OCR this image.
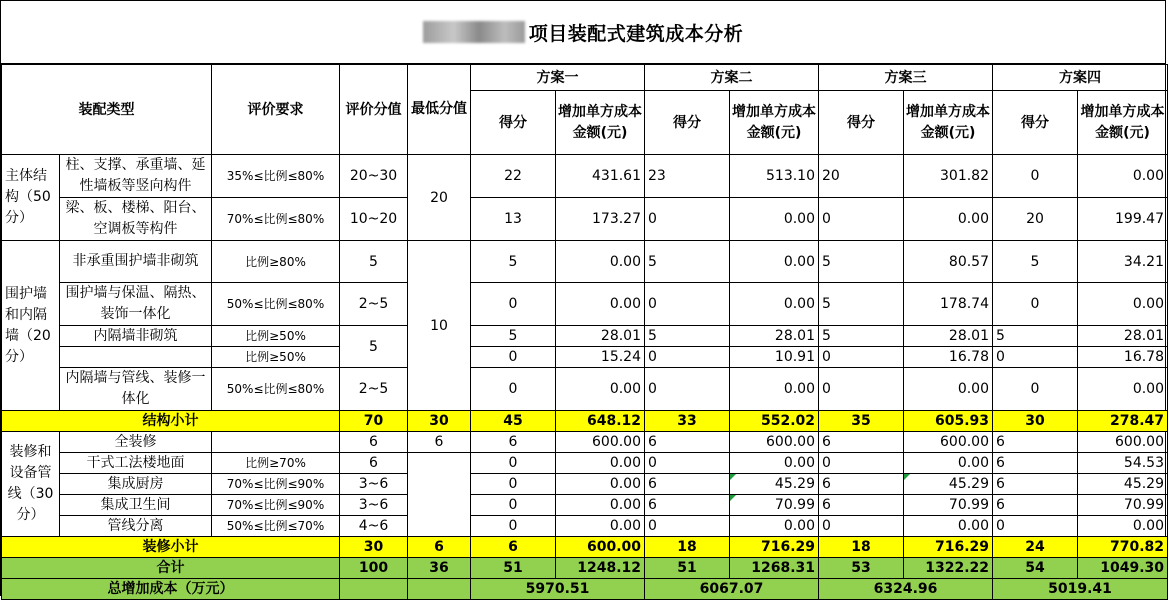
项目装配式建筑成本分析
装配类型		评价要求	评价分值	最低分值	方案一		方案二		方案三		方案四	
					得分	增加单方成本金额(元)	得分	增加单方成本金额(元)	得分	增加单方成本金额(元)	得分	增加单方成本金额(元)
主体结构（50分）	柱、支撑、承重墙、延性墙板等竖向构件	35%≤比例≤80%	20~30	20	22	431.61	23	513.10	20	301.82	0	0.00
	梁、板、楼梯、阳台、空调板等构件	70%≤比例≤80%	10~20		13	173.27	0	0.00	0	0.00	20	199.47
围护墙和内隔墙（20分）	非承重围护墙非砌筑	比例≥80%	5	10	5	0.00	5	0.00	5	80.57	5	34.21
	围护墙与保温、隔热、装饰一体化	50%≤比例≤80%	2~5		0	0.00	0	0.00	5	178.74	0	0.00
	内隔墙非砌筑	比例≥50%	5		5	28.01	5	28.01	5	28.01	5	28.01
		比例≥50%			0	15.24	0	10.91	0	16.78	0	16.78
	内隔墙与管线、装修一体化	50%≤比例≤80%	2~5		0	0.00	0	0.00	0	0.00	0	0.00
结构小计			70	30	45	648.12	33	552.02	35	605.93	30	278.47
装修和设备管线（30分）	全装修		6	6	6	600.00	6	600.00	6	600.00	6	600.00
	干式工法楼地面	比例≥70%	6		0	0.00	0	0.00	0	0.00	6	54.53
	集成厨房	70%≤比例≤90%	3~6		0	0.00	6	45.29	6	45.29	6	45.29
	集成卫生间	70%≤比例≤90%	3~6		0	0.00	6	70.99	6	70.99	6	70.99
	管线分离	50%≤比例≤70%	4~6		0	0.00	0	0.00	0	0.00	0	0.00
装修小计			30	6	6	600.00	18	716.29	18	716.29	24	770.82
合计			100	36	51	1248.12	51	1268.31	53	1322.22	54	1049.30
总增加成本（万元）					5970.51		6067.07		6324.96		5019.41	
